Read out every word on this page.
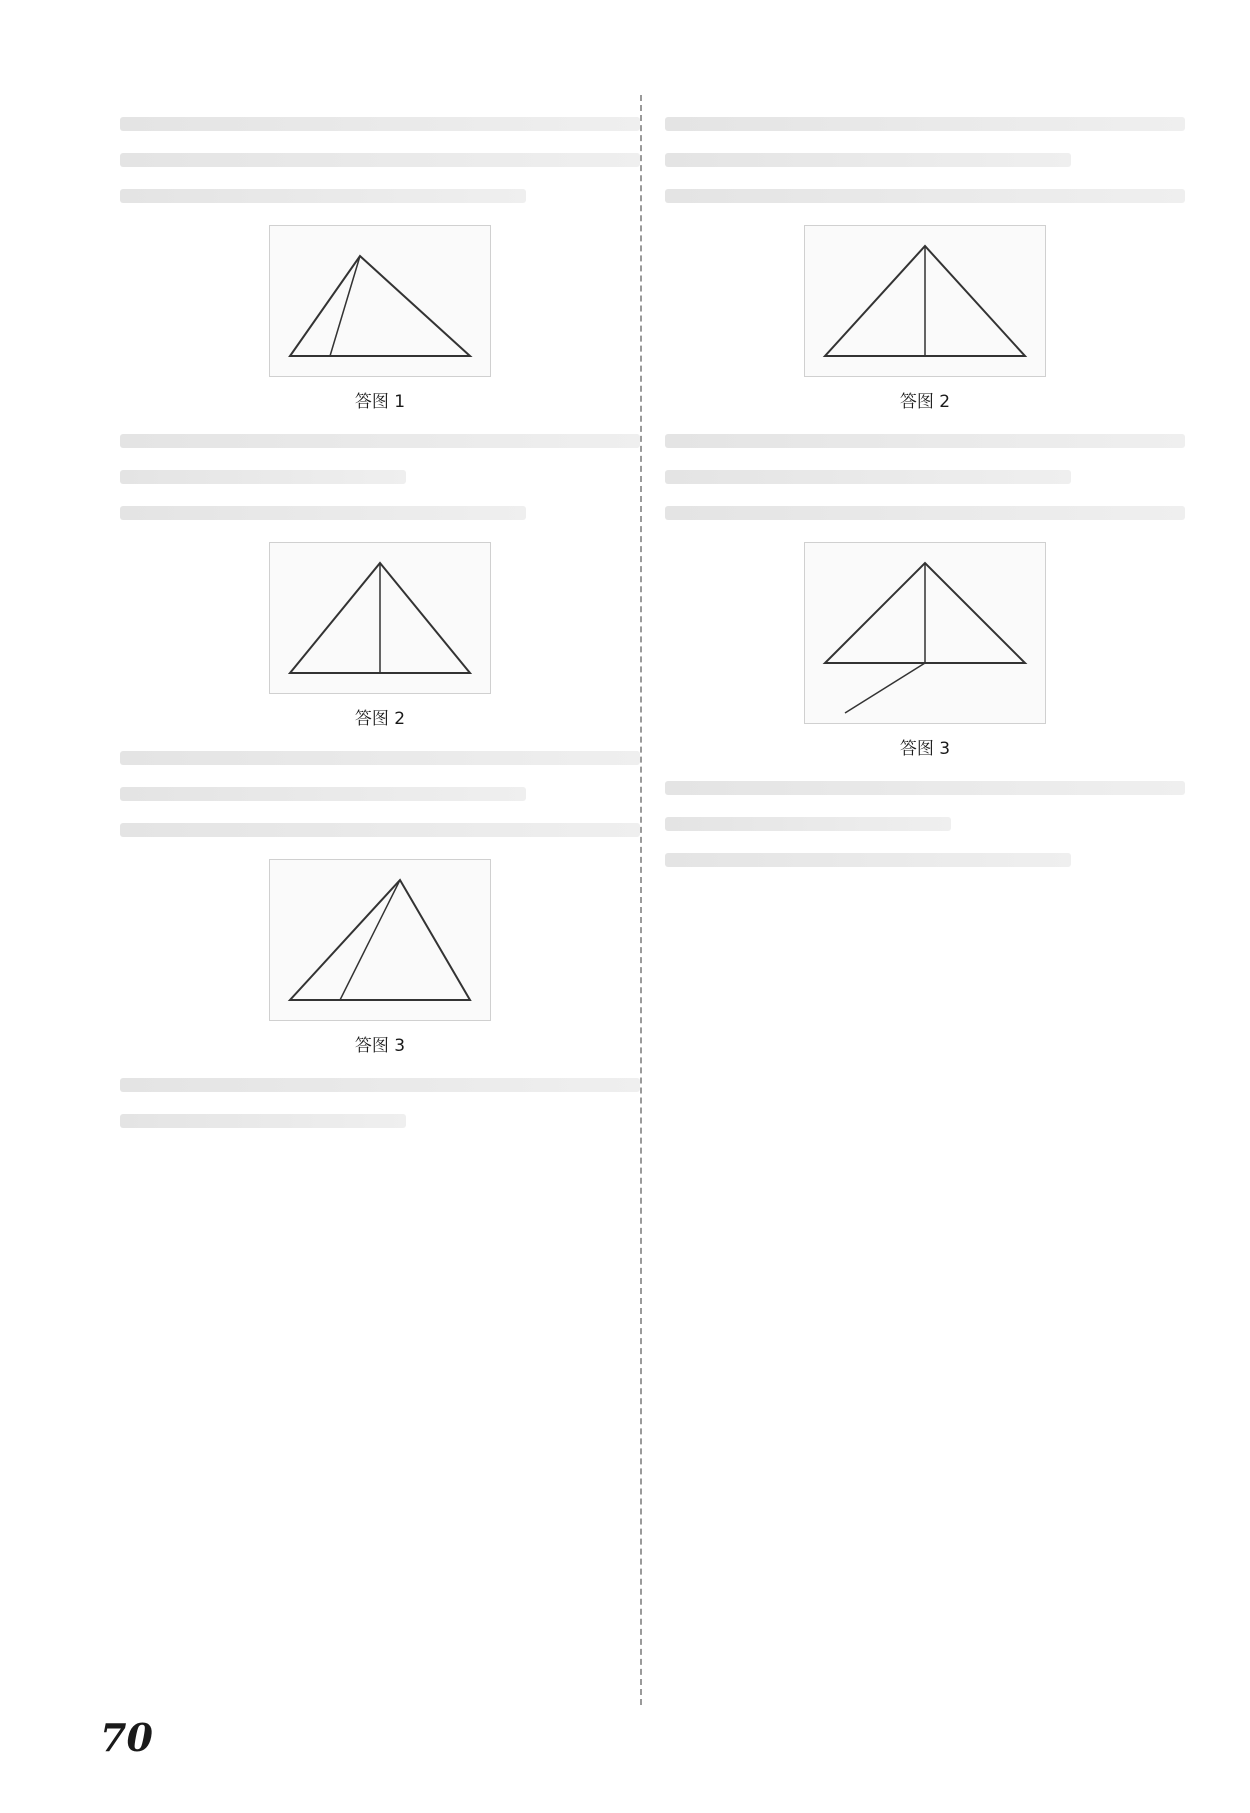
答图 1
答图 2
答图 3
答图 2
答图 3
70
